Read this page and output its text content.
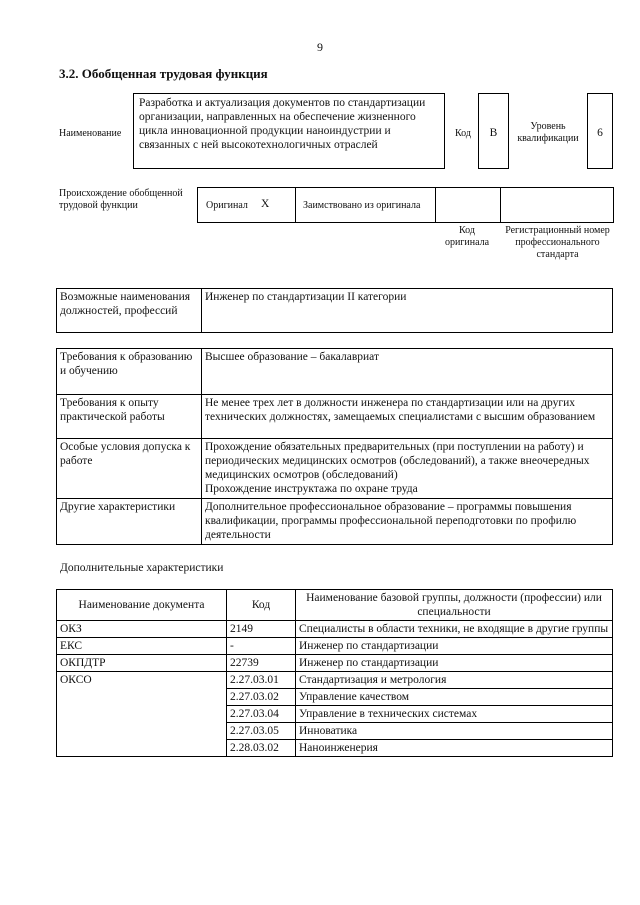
9
3.2. Обобщенная трудовая функция
Наименование
Разработка и актуализация документов по стандартизации организации, направленных на обеспечение жизненного цикла инновационной продукции наноиндустрии и связанных с ней высокотехнологичных отраслей
Код	B
Уровень квалификации	6
Происхождение обобщенной трудовой функции	Оригинал X	Заимствовано из оригинала
Код оригинала
Регистрационный номер профессионального стандарта
Возможные наименования должностей, профессий	Инженер по стандартизации II категории
Требования к образованию и обучению	Высшее образование – бакалавриат
Требования к опыту практической работы	Не менее трех лет в должности инженера по стандартизации или на других технических должностях, замещаемых специалистами с высшим образованием
Особые условия допуска к работе	Прохождение обязательных предварительных (при поступлении на работу) и периодических медицинских осмотров (обследований), а также внеочередных медицинских осмотров (обследований)
Прохождение инструктажа по охране труда

Другие характеристики	Дополнительное профессиональное образование – программы повышения квалификации, программы профессиональной переподготовки по профилю деятельности
Дополнительные характеристики
Наименование документа	Код	Наименование базовой группы, должности (профессии) или специальности
ОКЗ	2149	Специалисты в области техники, не входящие в другие группы
ЕКС	-	Инженер по стандартизации
ОКПДТР	22739	Инженер по стандартизации
ОКСО	2.27.03.01	Стандартизация и метрология
	2.27.03.02	Управление качеством
	2.27.03.04	Управление в технических системах
	2.27.03.05	Инноватика
	2.28.03.02	Наноинженерия
